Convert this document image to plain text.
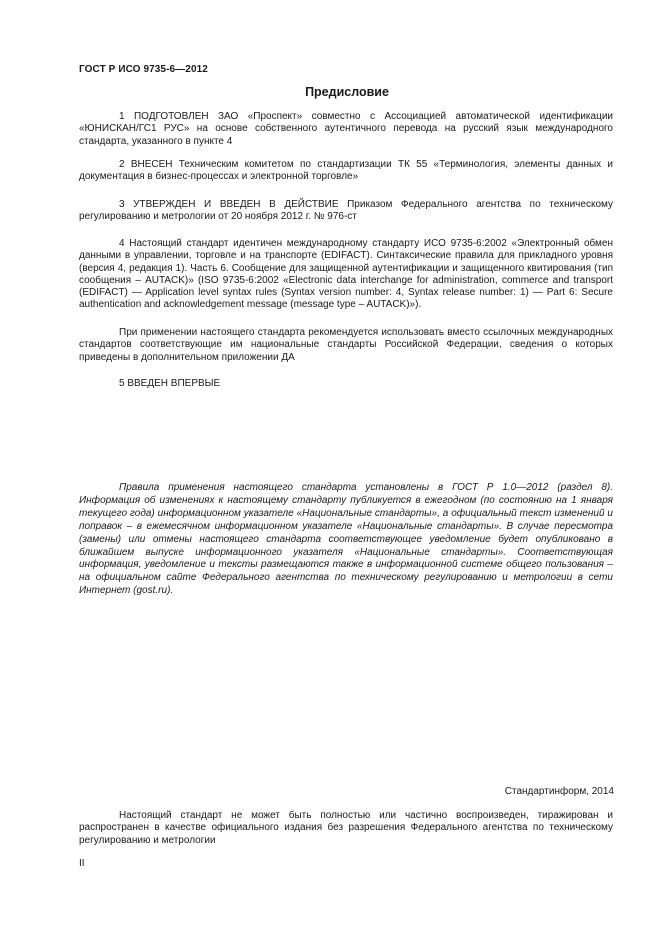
ГОСТ Р ИСО 9735-6—2012
Предисловие

1 ПОДГОТОВЛЕН ЗАО «Проспект» совместно с Ассоциацией автоматической идентификации «ЮНИСКАН/ГС1 РУС» на основе собственного аутентичного перевода на русский язык международного стандарта, указанного в пункте 4

2 ВНЕСЕН Техническим комитетом по стандартизации ТК 55 «Терминология, элементы данных и документация в бизнес-процессах и электронной торговле»

3 УТВЕРЖДЕН И ВВЕДЕН В ДЕЙСТВИЕ Приказом Федерального агентства по техническому регулированию и метрологии от 20 ноября 2012 г. № 976-ст

4 Настоящий стандарт идентичен международному стандарту ИСО 9735-6:2002 «Электронный обмен данными в управлении, торговле и на транспорте (EDIFACT). Синтаксические правила для прикладного уровня (версия 4, редакция 1). Часть 6. Сообщение для защищенной аутентификации и защищенного квитирования (тип сообщения – AUTACK)» (ISO 9735-6:2002 «Electronic data interchange for administration, commerce and transport (EDIFACT) — Application level syntax rules (Syntax version number: 4, Syntax release number: 1) — Part 6: Secure authentication and acknowledgement message (message type – AUTACK)»).

При применении настоящего стандарта рекомендуется использовать вместо ссылочных международных стандартов соответствующие им национальные стандарты Российской Федерации, сведения о которых приведены в дополнительном приложении ДА

5 ВВЕДЕН ВПЕРВЫЕ

Правила применения настоящего стандарта установлены в ГОСТ Р 1.0—2012 (раздел 8). Информация об изменениях к настоящему стандарту публикуется в ежегодном (по состоянию на 1 января текущего года) информационном указателе «Национальные стандарты», а официальный текст изменений и поправок – в ежемесячном информационном указателе «Национальные стандарты». В случае пересмотра (замены) или отмены настоящего стандарта соответствующее уведомление будет опубликовано в ближайшем выпуске информационного указателя «Национальные стандарты». Соответствующая информация, уведомление и тексты размещаются также в информационной системе общего пользования – на официальном сайте Федерального агентства по техническому регулированию и метрологии в сети Интернет (gost.ru).

Стандартинформ, 2014

Настоящий стандарт не может быть полностью или частично воспроизведен, тиражирован и распространен в качестве официального издания без разрешения Федерального агентства по техническому регулированию и метрологии

II
